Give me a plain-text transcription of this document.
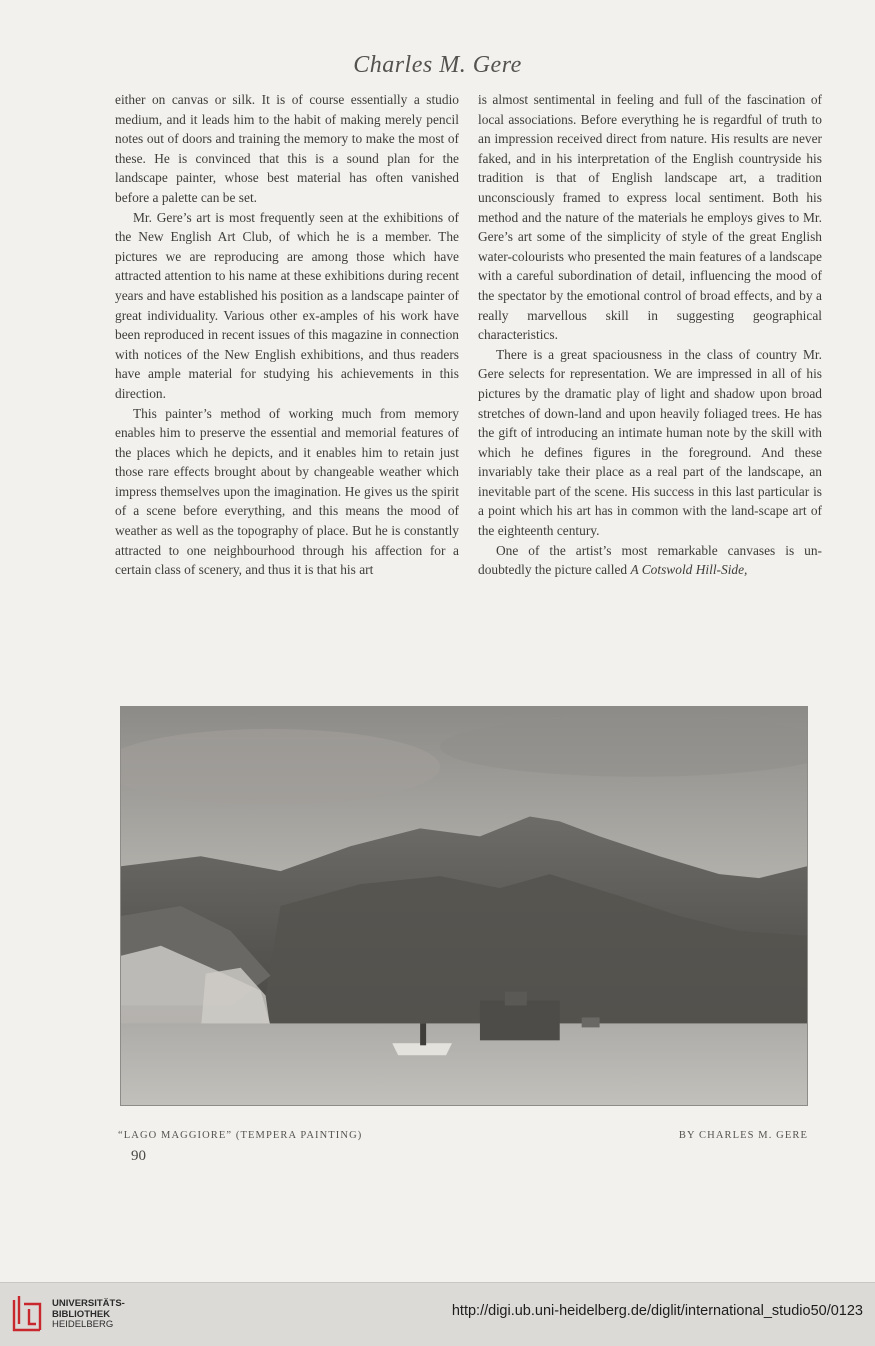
Charles M. Gere

either on canvas or silk. It is of course essentially a studio medium, and it leads him to the habit of making merely pencil notes out of doors and training the memory to make the most of these. He is convinced that this is a sound plan for the landscape painter, whose best material has often vanished before a palette can be set.

Mr. Gere’s art is most frequently seen at the exhibitions of the New English Art Club, of which he is a member. The pictures we are reproducing are among those which have attracted attention to his name at these exhibitions during recent years and have established his position as a landscape painter of great individuality. Various other ex-amples of his work have been reproduced in recent issues of this magazine in connection with notices of the New English exhibitions, and thus readers have ample material for studying his achievements in this direction.

This painter’s method of working much from memory enables him to preserve the essential and memorial features of the places which he depicts, and it enables him to retain just those rare effects brought about by changeable weather which impress themselves upon the imagination. He gives us the spirit of a scene before everything, and this means the mood of weather as well as the topography of place. But he is constantly attracted to one neighbourhood through his affection for a certain class of scenery, and thus it is that his art

is almost sentimental in feeling and full of the fascination of local associations. Before everything he is regardful of truth to an impression received direct from nature. His results are never faked, and in his interpretation of the English countryside his tradition is that of English landscape art, a tradition unconsciously framed to express local sentiment. Both his method and the nature of the materials he employs gives to Mr. Gere’s art some of the simplicity of style of the great English water-colourists who presented the main features of a landscape with a careful subordination of detail, influencing the mood of the spectator by the emotional control of broad effects, and by a really marvellous skill in suggesting geographical characteristics.

There is a great spaciousness in the class of country Mr. Gere selects for representation. We are impressed in all of his pictures by the dramatic play of light and shadow upon broad stretches of down-land and upon heavily foliaged trees. He has the gift of introducing an intimate human note by the skill with which he defines figures in the foreground. And these invariably take their place as a real part of the landscape, an inevitable part of the scene. His success in this last particular is a point which his art has in common with the land-scape art of the eighteenth century.

One of the artist’s most remarkable canvases is un-doubtedly the picture called A Cotswold Hill-Side,

“LAGO MAGGIORE” (TEMPERA PAINTING)	BY CHARLES M. GERE
90
UNIVERSITÄTS-
BIBLIOTHEK
HEIDELBERG
http://digi.ub.uni-heidelberg.de/diglit/international_studio50/0123
